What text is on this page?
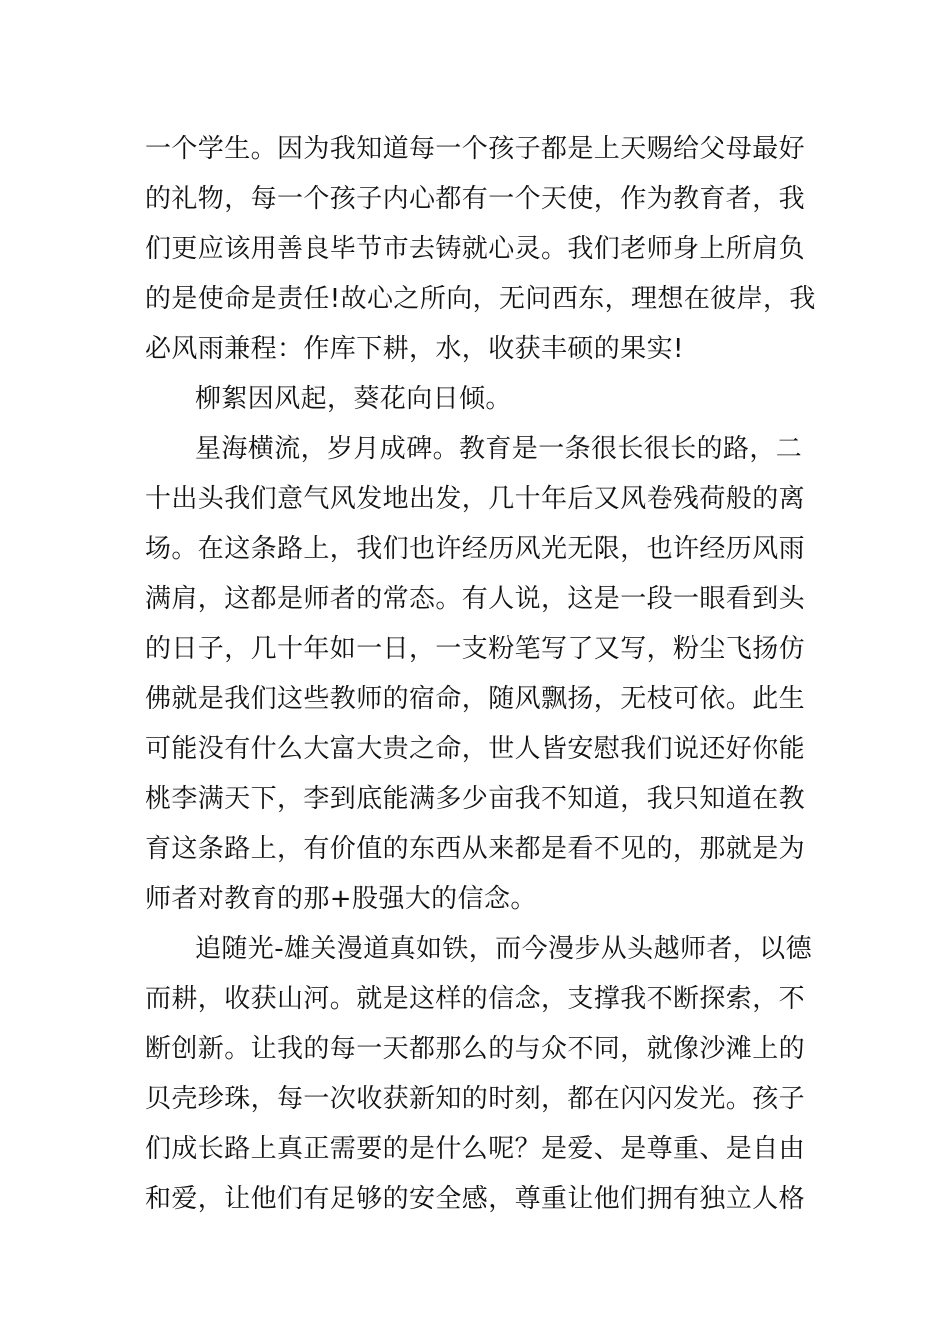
一个学生。因为我知道每一个孩子都是上天赐给父母最好
的礼物，每一个孩子内心都有一个天使，作为教育者，我
们更应该用善良毕节市去铸就心灵。我们老师身上所肩负
的是使命是责任!故心之所向，无问西东，理想在彼岸，我
必风雨兼程：作库下耕，水，收获丰硕的果实!
柳絮因风起，葵花向日倾。
星海横流，岁月成碑。教育是一条很长很长的路，二
十出头我们意气风发地出发，几十年后又风卷残荷般的离
场。在这条路上，我们也许经历风光无限，也许经历风雨
满肩，这都是师者的常态。有人说，这是一段一眼看到头
的日子，几十年如一日，一支粉笔写了又写，粉尘飞扬仿
佛就是我们这些教师的宿命，随风飘扬，无枝可依。此生
可能没有什么大富大贵之命，世人皆安慰我们说还好你能
桃李满天下，李到底能满多少亩我不知道，我只知道在教
育这条路上，有价值的东西从来都是看不见的，那就是为
师者对教育的那+股强大的信念。
追随光-雄关漫道真如铁，而今漫步从头越师者，以德
而耕，收获山河。就是这样的信念，支撑我不断探索，不
断创新。让我的每一天都那么的与众不同，就像沙滩上的
贝壳珍珠，每一次收获新知的时刻，都在闪闪发光。孩子
们成长路上真正需要的是什么呢？是爱、是尊重、是自由
和爱，让他们有足够的安全感，尊重让他们拥有独立人格
